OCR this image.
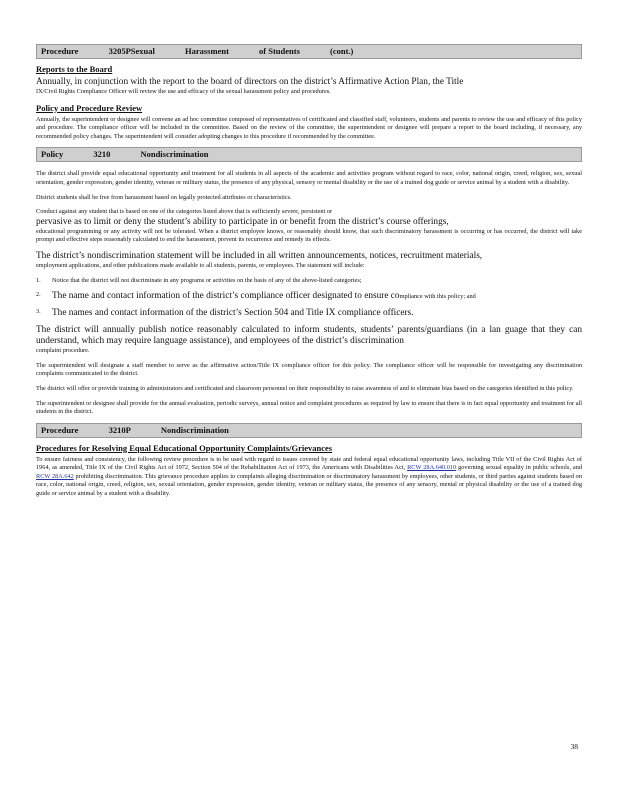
Procedure	3205PSexual	Harassment	of Students	(cont.)
Reports to the Board
Annually, in conjunction with the report to the board of directors on the district’s Affirmative Action Plan, the Title
IX/Civil Rights Compliance Officer will review the use and efficacy of the sexual harassment policy and procedures.
Policy and Procedure Review
Annually, the superintendent or designee will convene an ad hoc committee composed of representatives of certificated and classified staff, volunteers, students and parents to review the use and efficacy of this policy and procedure. The compliance officer will be included in the committee. Based on the review of the committee, the superintendent or designee will prepare a report to the board including, if necessary, any recommended policy changes. The superintendent will consider adopting changes to this procedure if recommended by the committee.
Policy	3210	Nondiscrimination
The district shall provide equal educational opportunity and treatment for all students in all aspects of the academic and activities program without regard to race, color, national origin, creed, religion, sex, sexual orientation, gender expression, gender identity, veteran or military status, the presence of any physical, sensory or mental disability or the use of a trained dog guide or service animal by a student with a disability.
District students shall be free from harassment based on legally protected attributes or characteristics.
Conduct against any student that is based on one of the categories listed above that is sufficiently severe, persistent or
pervasive as to limit or deny the student’s ability to participate in or benefit from the district’s course offerings,
educational programming or any activity will not be tolerated. When a district employee knows, or reasonably should know, that such discriminatory harassment is occurring or has occurred, the district will take prompt and effective steps reasonably calculated to end the harassment, prevent its recurrence and remedy its effects.
The district’s nondiscrimination statement will be included in all written announcements, notices, recruitment materials,
employment applications, and other publications made available to all students, parents, or employees. The statement will include:
1.	Notice that the district will not discriminate in any programs or activities on the basis of any of the above-listed categories;
2.	The name and contact information of the district’s compliance officer designated to ensure compliance with this policy; and
3.	The names and contact information of the district’s Section 504 and Title IX compliance officers.
The district will annually publish notice reasonably calculated to inform students, students’ parents/guardians (in a lan guage that they can understand, which may require language assistance), and employees of the district’s discrimination
complaint procedure.
The superintendent will designate a staff member to serve as the affirmative action/Title IX compliance officer for this policy. The compliance officer will be responsible for investigating any discrimination complaints communicated to the district.
The district will offer or provide training to administrators and certificated and classroom personnel on their responsibility to raise awareness of and to eliminate bias based on the categories identified in this policy.
The superintendent or designee shall provide for the annual evaluation, periodic surveys, annual notice and complaint procedures as required by law to ensure that there is in fact equal opportunity and treatment for all students in the district.
Procedure	3210P	Nondiscrimination
Procedures for Resolving Equal Educational Opportunity Complaints/Grievances
To ensure fairness and consistency, the following review procedure is to be used with regard to issues covered by state and federal equal educational opportunity laws, including Title VII of the Civil Rights Act of 1964, as amended, Title IX of the Civil Rights Act of 1972, Section 504 of the Rehabilitation Act of 1973, the Americans with Disabilities Act, RCW 28A.640.010 governing sexual equality in public schools, and RCW 28A.642 prohibiting discrimination. This grievance procedure applies to complaints alleging discrimination or discriminatory harassment by employees, other students, or third parties against students based on race, color, national origin, creed, religion, sex, sexual orientation, gender expression, gender identity, veteran or military status, the presence of any sensory, mental or physical disability or the use of a trained dog guide or service animal by a student with a disability.
38
